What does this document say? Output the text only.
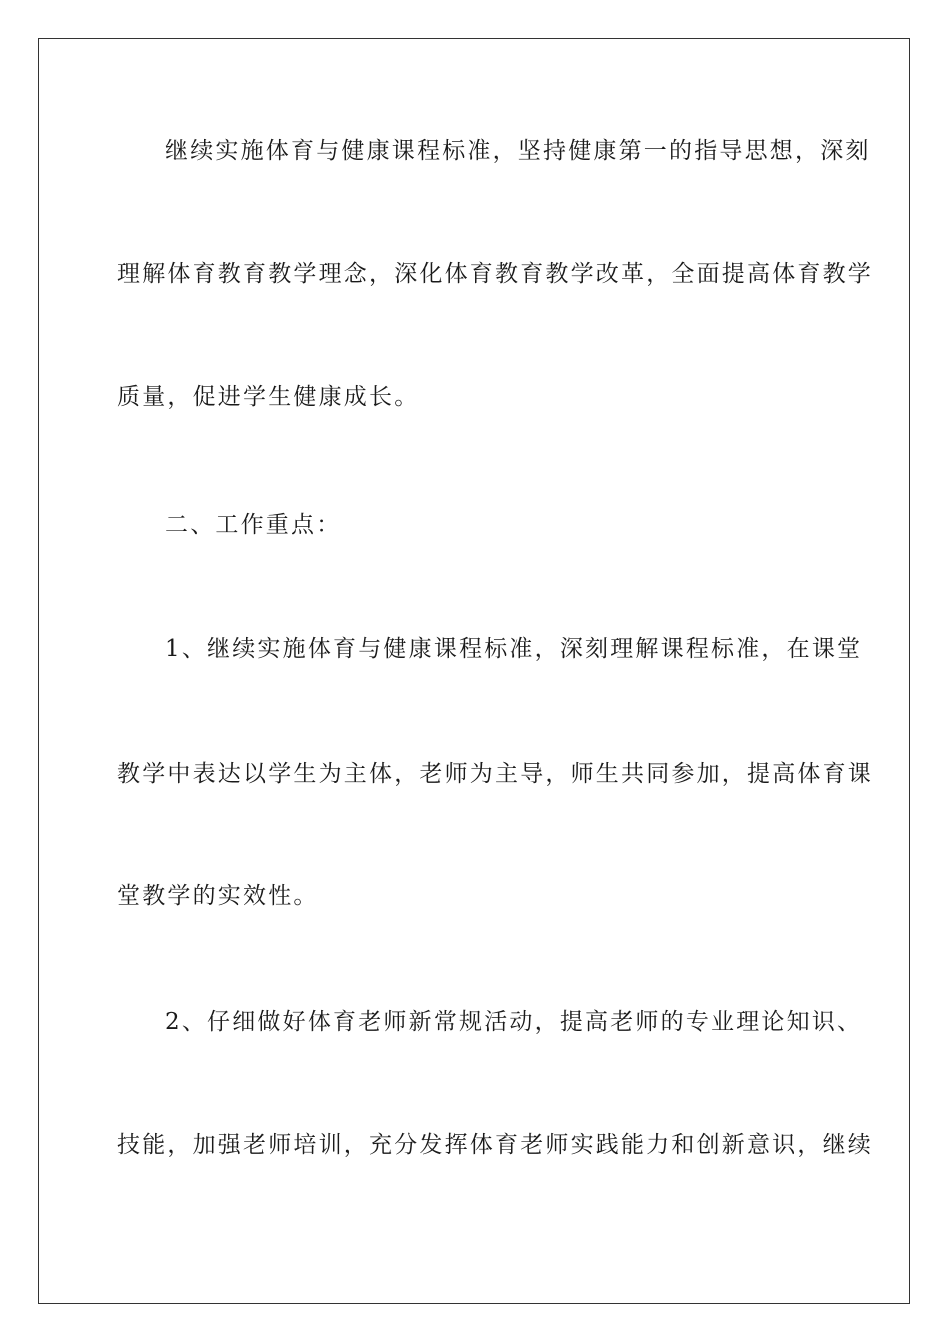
继续实施体育与健康课程标准，坚持健康第一的指导思想，深刻
理解体育教育教学理念，深化体育教育教学改革，全面提高体育教学
质量，促进学生健康成长。
二、工作重点：
1、继续实施体育与健康课程标准，深刻理解课程标准，在课堂
教学中表达以学生为主体，老师为主导，师生共同参加，提高体育课
堂教学的实效性。
2、仔细做好体育老师新常规活动，提高老师的专业理论知识、
技能，加强老师培训，充分发挥体育老师实践能力和创新意识，继续
